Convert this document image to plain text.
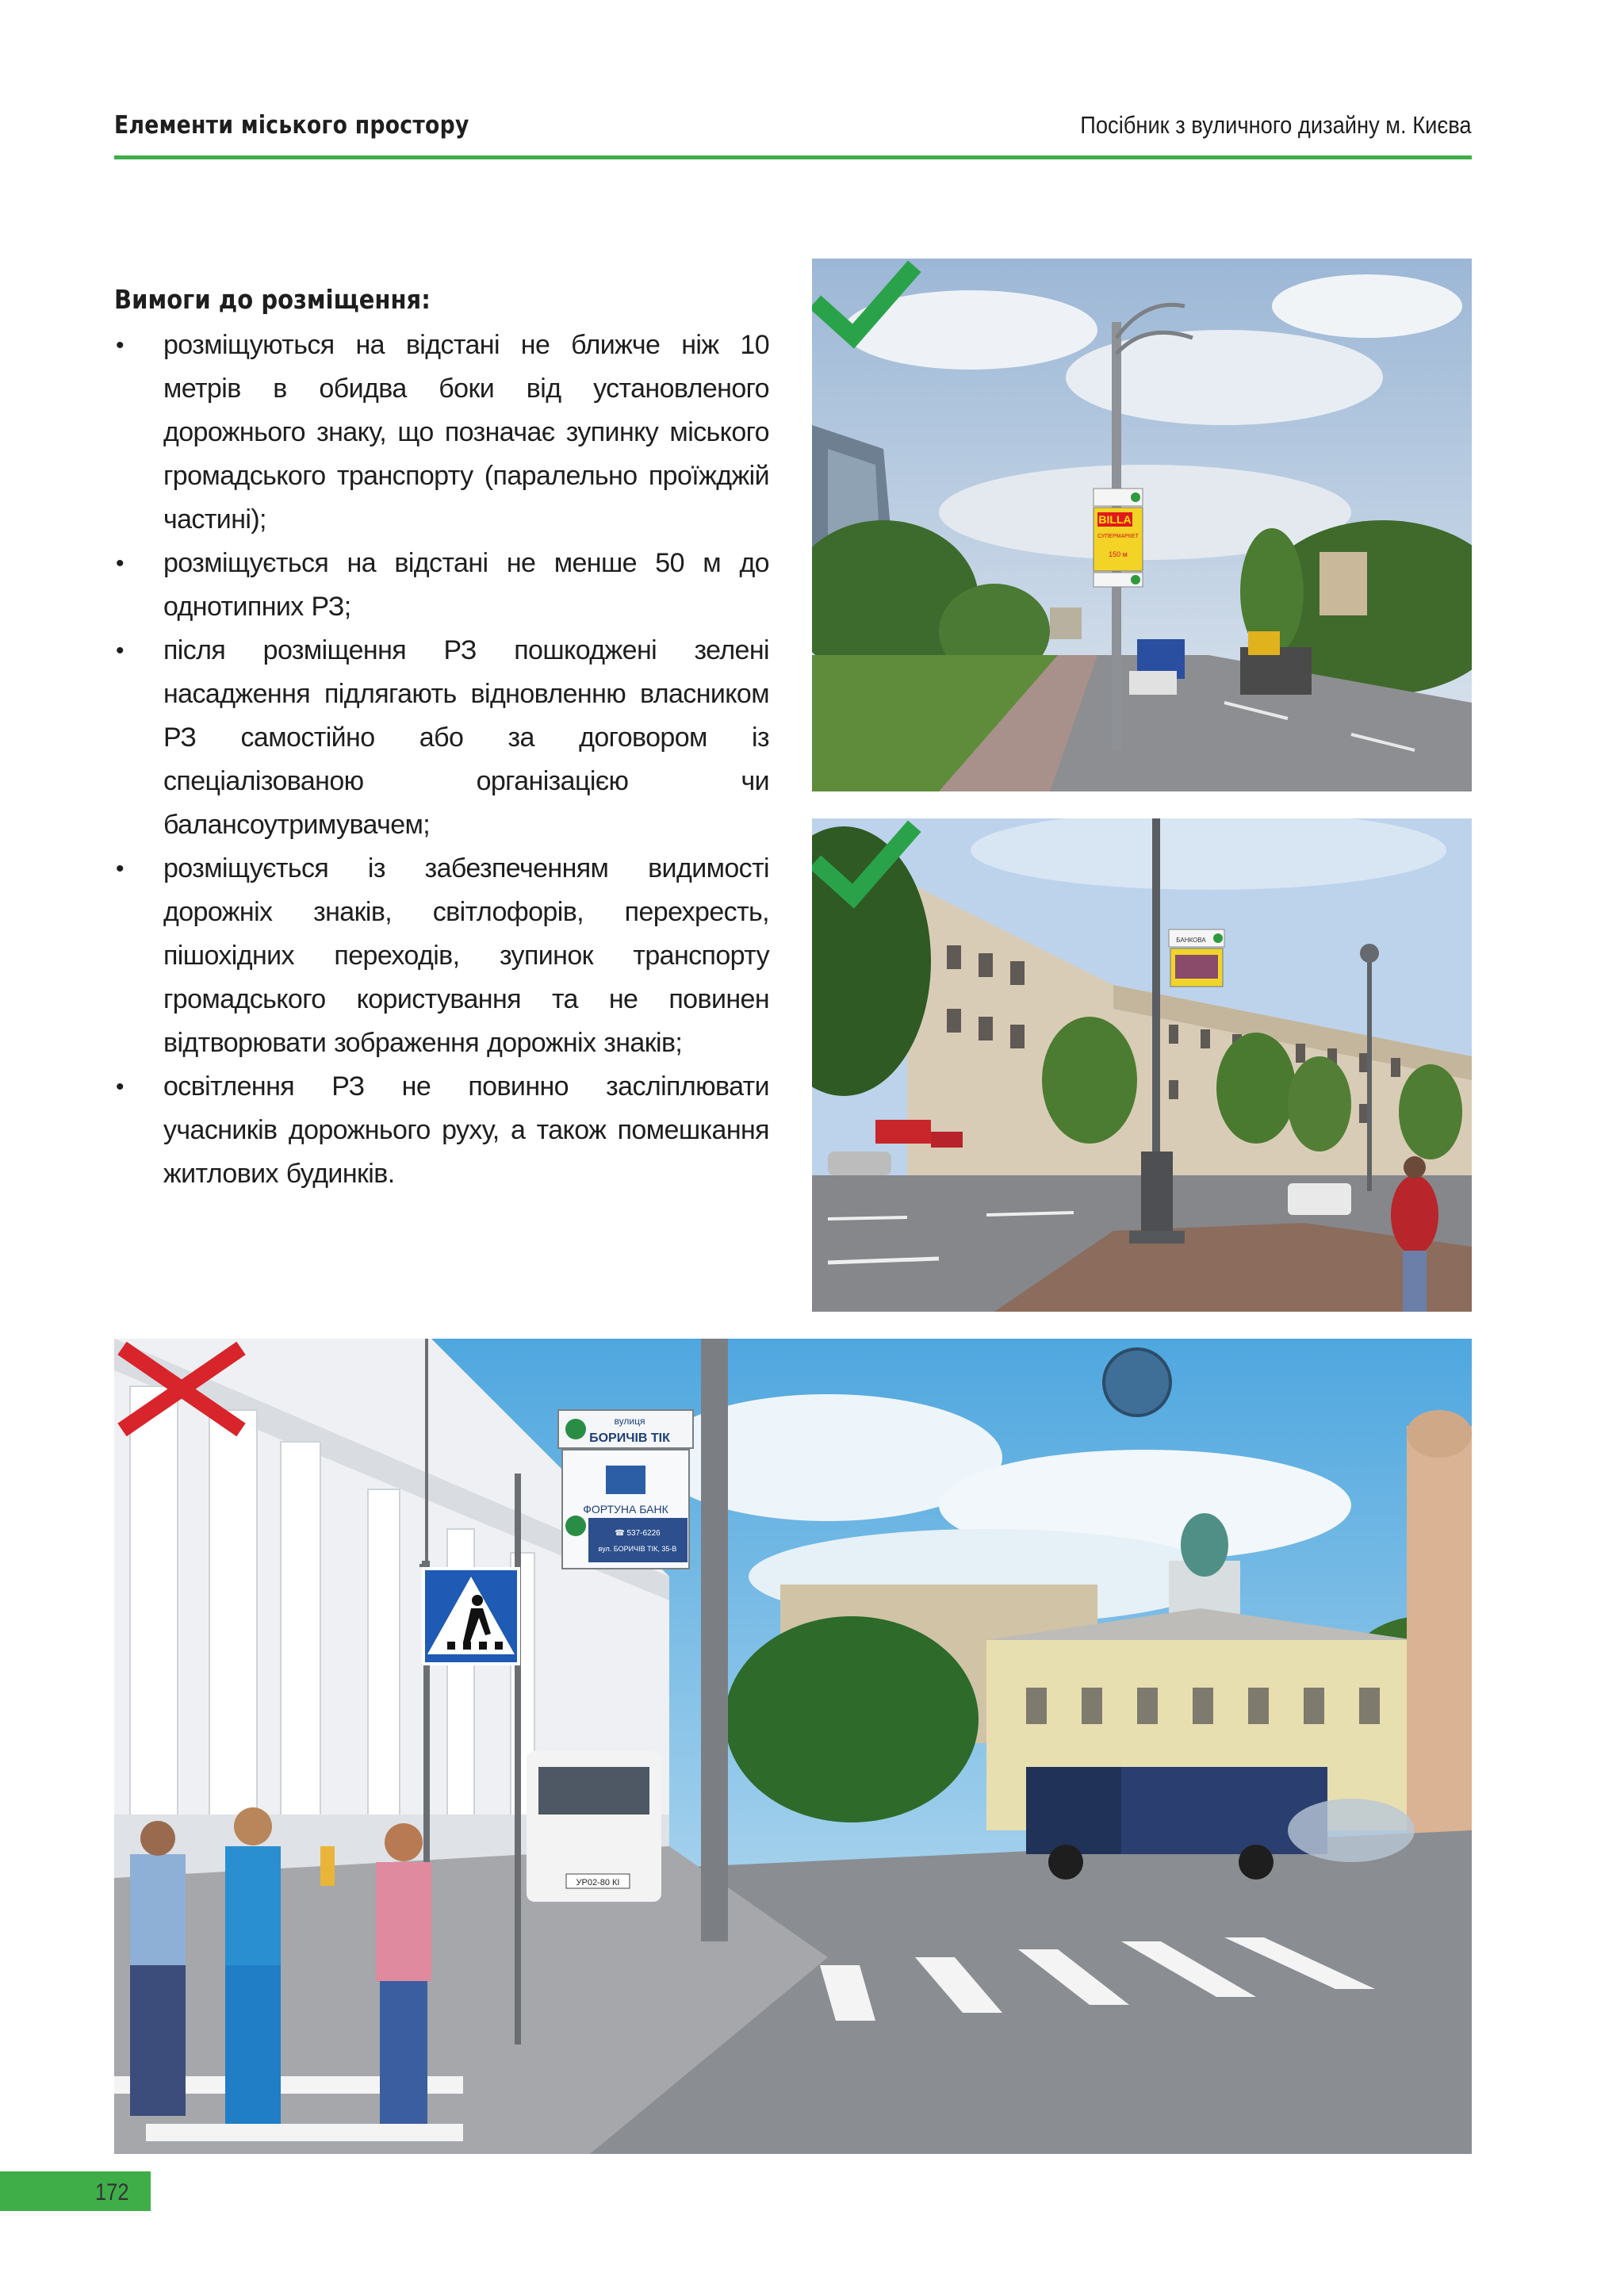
Елементи міського простору	Посібник з вуличного дизайну м. Києва
Вимоги до розміщення:
• розміщуються на відстані не ближче ніж 10 метрів в обидва боки від установленого дорожнього знаку, що позначає зупинку міського громадського транспорту (паралельно проїжджій частині);
• розміщується на відстані не менше 50 м до однотипних РЗ;
• після розміщення РЗ пошкоджені зелені насадження підлягають відновленню власником РЗ самостійно або за договором із спеціалізованою організацією чи балансоутримувачем;
• розміщується із забезпеченням видимості дорожніх знаків, світлофорів, перехресть, пішохідних переходів, зупинок транспорту громадського користування та не повинен відтворювати зображення дорожніх знаків;
• освітлення РЗ не повинно засліплювати учасників дорожнього руху, а також помешкання житлових будинків.
BILLA
СУПЕРМАРКЕТ
150 м
БАНКОВА
УР02-80 КІ
вулиця
БОРИЧІВ ТІК
ФОРТУНА БАНК
☎ 537-6226
вул. БОРИЧІВ ТІК, 35-В
172
